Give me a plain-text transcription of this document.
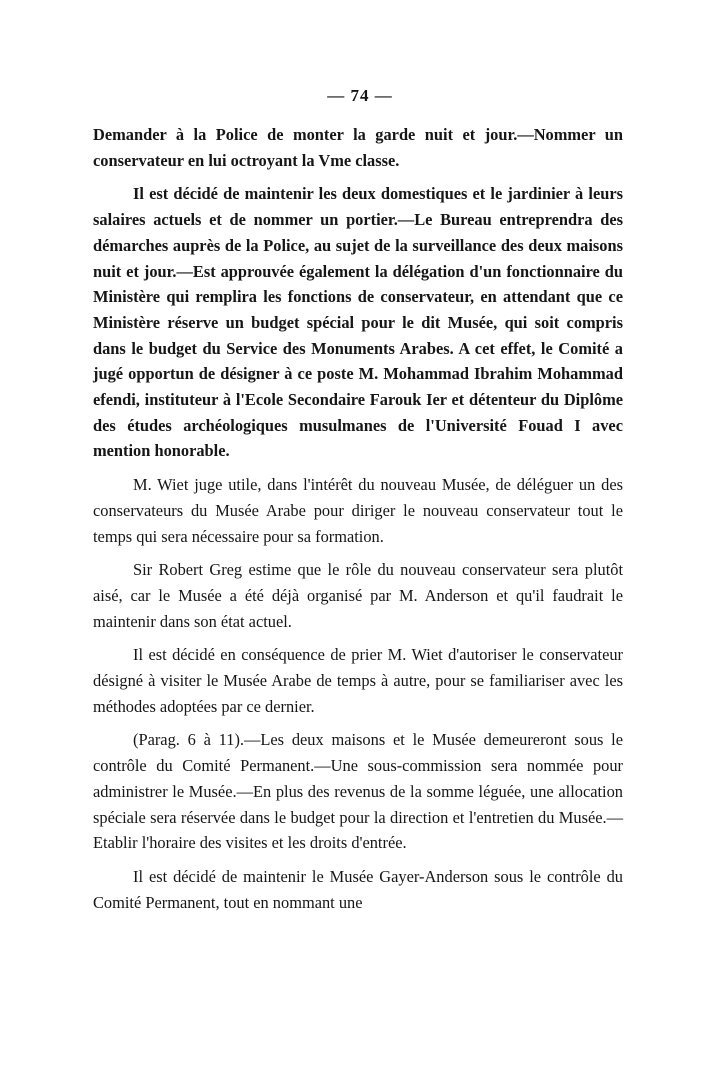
— 74 —

Demander à la Police de monter la garde nuit et jour.—Nommer un conservateur en lui octroyant la Vme classe.

Il est décidé de maintenir les deux domestiques et le jardinier à leurs salaires actuels et de nommer un portier.—Le Bureau entreprendra des démarches auprès de la Police, au sujet de la surveillance des deux maisons nuit et jour.—Est approuvée également la délégation d'un fonctionnaire du Ministère qui remplira les fonctions de conservateur, en attendant que ce Ministère réserve un budget spécial pour le dit Musée, qui soit compris dans le budget du Service des Monuments Arabes. A cet effet, le Comité a jugé opportun de désigner à ce poste M. Mohammad Ibrahim Mohammad efendi, instituteur à l'Ecole Secondaire Farouk Ier et détenteur du Diplôme des études archéologiques musulmanes de l'Université Fouad I avec mention honorable.

M. Wiet juge utile, dans l'intérêt du nouveau Musée, de déléguer un des conservateurs du Musée Arabe pour diriger le nouveau conservateur tout le temps qui sera nécessaire pour sa formation.

Sir Robert Greg estime que le rôle du nouveau conservateur sera plutôt aisé, car le Musée a été déjà organisé par M. Anderson et qu'il faudrait le maintenir dans son état actuel.

Il est décidé en conséquence de prier M. Wiet d'autoriser le conservateur désigné à visiter le Musée Arabe de temps à autre, pour se familiariser avec les méthodes adoptées par ce dernier.

(Parag. 6 à 11).—Les deux maisons et le Musée demeureront sous le contrôle du Comité Permanent.—Une sous-commission sera nommée pour administrer le Musée.—En plus des revenus de la somme léguée, une allocation spéciale sera réservée dans le budget pour la direction et l'entretien du Musée.—Etablir l'horaire des visites et les droits d'entrée.

Il est décidé de maintenir le Musée Gayer-Anderson sous le contrôle du Comité Permanent, tout en nommant une
